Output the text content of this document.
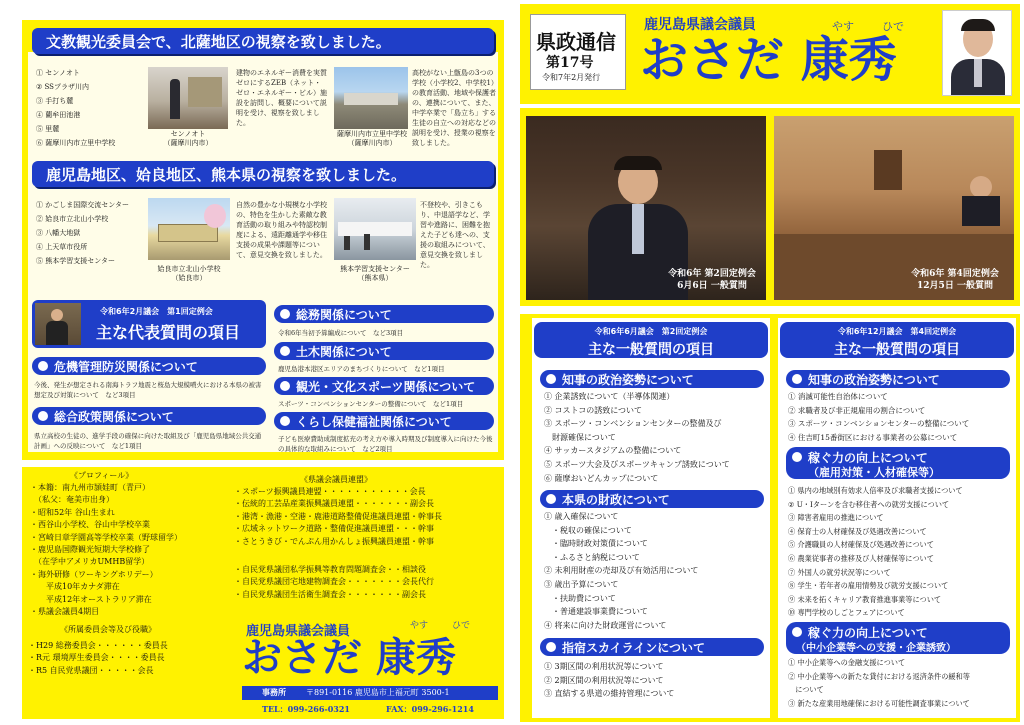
文教観光委員会で、北薩地区の視察を致しました。
① センノオト
② SSプラザ川内
③ 手打ち麓
④ 藺牟田池港
⑤ 里麓
⑥ 薩摩川内市立里中学校
センノオト
（薩摩川内市）
建物のエネルギー消費を実質ゼロにするZEB（ネット・ゼロ・エネルギー・ビル）施設を訪問し、概要について説明を受け、視察を致しました。
薩摩川内市立里中学校
（薩摩川内市）
高校がない上甑島の3つの学校（小学校2、中学校1）の教育活動、地域や保護者の、連携について、また、中学卒業で「島立ち」する生徒の自立への対応などの説明を受け、授業の視察を致しました。
鹿児島地区、姶良地区、熊本県の視察を致しました。
① かごしま国際交流センター
② 姶良市立北山小学校
③ 八幡大地獄
④ 上天草市役所
⑤ 熊本学習支援センター
姶良市立北山小学校
（姶良市）
自然の豊かな小規模な小学校の、特色を生かした素敵な教育活動の取り組みや特認校制度による、遠距離通学や移住支援の成果や課題等について、意見交換を致しました。
熊本学習支援センター
（熊本県）
不登校や、引きこもり、中退語学など、学習や進路に、困難を抱えた子ども達への、支援の取組みについて、意見交換を致しました。
令和6年2月議会　第1回定例会
主な代表質問の項目
危機管理防災関係について
今後、発生が想定される南海トラフ地震と桜島大規模噴火における本県の被害想定及び対策について　など3項目
総合政策関係について
県立高校の生徒の、進学手段の確保に向けた取組及び「鹿児島県地域公共交通計画」への反映について　など1項目
総務関係について
令和6年当初予算編成について　など3項目
土木関係について
鹿児島港本港区エリアのまちづくりについて　など1項目
観光・文化スポーツ関係について
スポーツ・コンベンションセンターの整備について　など1項目
くらし保健福祉関係について
子ども医療費助成制度拡充の考え方や導入時期及び制度導入に向けた今後の具体的な取組みについて　など2項目
《プロフィール》
・本籍：南九州市頴娃町（青戸）
　（私父：奄美市出身）
・昭和52年 谷山生まれ
・西谷山小学校、谷山中学校卒業
・宮崎日章学園高等学校卒業（野球留学）
・鹿児島国際観光短期大学校修了
　（在学中アメリカUMHB留学）
・海外研修（ワーキングホリデー）
　　平成10年カナダ滞在
　　平成12年オーストラリア滞在
・県議会議員4期目
《所属委員会等及び役職》
・H29 総務委員会・・・・・・委員長
・R元 環境厚生委員会・・・・委員長
・R5 自民党県議団・・・・・会長
《県議会議員連盟》
・スポーツ振興議員連盟・・・・・・・・・・・会長
・伝統的工芸品産業振興議員連盟・・・・・・・副会長
・港湾・漁港・空港・鹿港道路整備促進議員連盟・幹事長
・広域ネットワーク道路・整備促進議員連盟・・・幹事
・さとうきび・でんぷん用かんしょ振興議員連盟・幹事
・自民党県議団私学振興等教育問題調査会・・相談役
・自民党県議団宅地建物調査会・・・・・・・会長代行
・自民党県議団生活衛生調査会・・・・・・・副会長
鹿児島県議会議員	やす	ひで
おさだ 康秀
事務所	〒891-0116 鹿児島市上福元町 3500-1
TEL：099-266-0321	FAX：099-296-1214
県政通信
第17号
令和7年2月発行
鹿児島県議会議員	やす	ひで
おさだ 康秀
令和6年 第2回定例会
6月6日 一般質問
令和6年 第4回定例会
12月5日 一般質問
令和6年6月議会　第2回定例会
主な一般質問の項目
令和6年12月議会　第4回定例会
主な一般質問の項目
知事の政治姿勢について
① 企業誘致について（半導体関連）
② コストコの誘致について
③ スポーツ・コンベンションセンターの整備及び
　財源確保について
④ サッカースタジアムの整備について
⑤ スポーツ大会及びスポーツキャンプ誘致について
⑥ 薩摩おいどんカップについて
本県の財政について
① 歳入確保について
　・税収の確保について
　・臨時財政対策債について
　・ふるさと納税について
② 未利用財産の売却及び有効活用について
③ 歳出予算について
　・扶助費について
　・普通建設事業費について
④ 将来に向けた財政運営について
指宿スカイラインについて
① 3期区間の利用状況等について
② 2期区間の利用状況等について
③ 直結する県道の維持管理について
知事の政治姿勢について
① 消滅可能性自治体について
② 求職者及び非正規雇用の割合について
③ スポーツ・コンベンションセンターの整備について
④ 住吉町15番街区における事業者の公募について
稼ぐ力の向上について
（雇用対策・人材確保等）
① 県内の地域別有効求人倍率及び求職者支援について
② U・Iターンを含む移住者への就労支援について
③ 障害者雇用の推進について
④ 保育士の人材確保及び処遇改善について
⑤ 介護職員の人材確保及び処遇改善について
⑥ 農業従事者の推移及び人材確保等について
⑦ 外国人の就労状況等について
⑧ 学生・若年者の雇用情勢及び就労支援について
⑨ 未来を拓くキャリア教育推進事業等について
⑩ 専門学校のしごとフェアについて
稼ぐ力の向上について
（中小企業等への支援・企業誘致）
① 中小企業等への金融支援について
② 中小企業等への新たな貸付における返済条件の緩和等
　について
③ 新たな産業用地確保における可能性調査事業について
